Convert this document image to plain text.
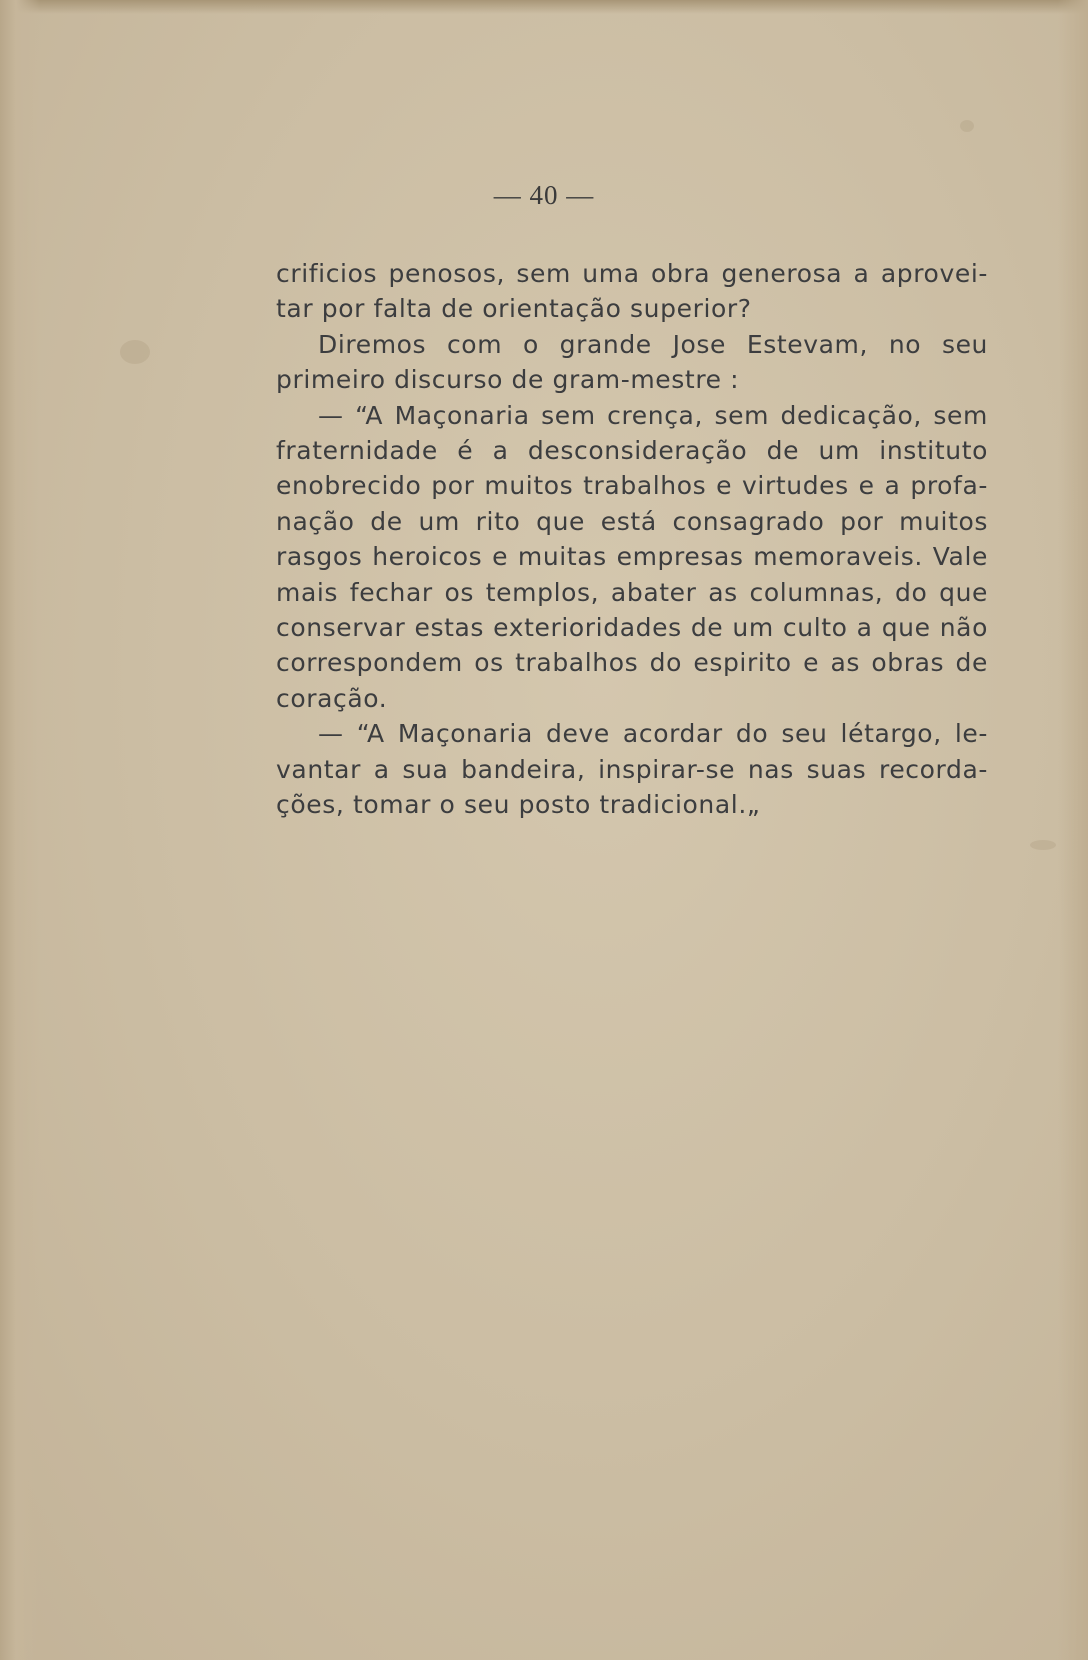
— 40 —
crificios penosos, sem uma obra generosa a aprovei-
tar por falta de orientação superior?
Diremos com o grande Jose Estevam, no seu
primeiro discurso de gram-mestre :
— “A Maçonaria sem crença, sem dedicação, sem
fraternidade é a desconsideração de um instituto
enobrecido por muitos trabalhos e virtudes e a profa-
nação de um rito que está consagrado por muitos
rasgos heroicos e muitas empresas memoraveis. Vale
mais fechar os templos, abater as columnas, do que
conservar estas exterioridades de um culto a que não
correspondem os trabalhos do espirito e as obras de
coração.
— “A Maçonaria deve acordar do seu létargo, le-
vantar a sua bandeira, inspirar-se nas suas recorda-
ções, tomar o seu posto tradicional.„
